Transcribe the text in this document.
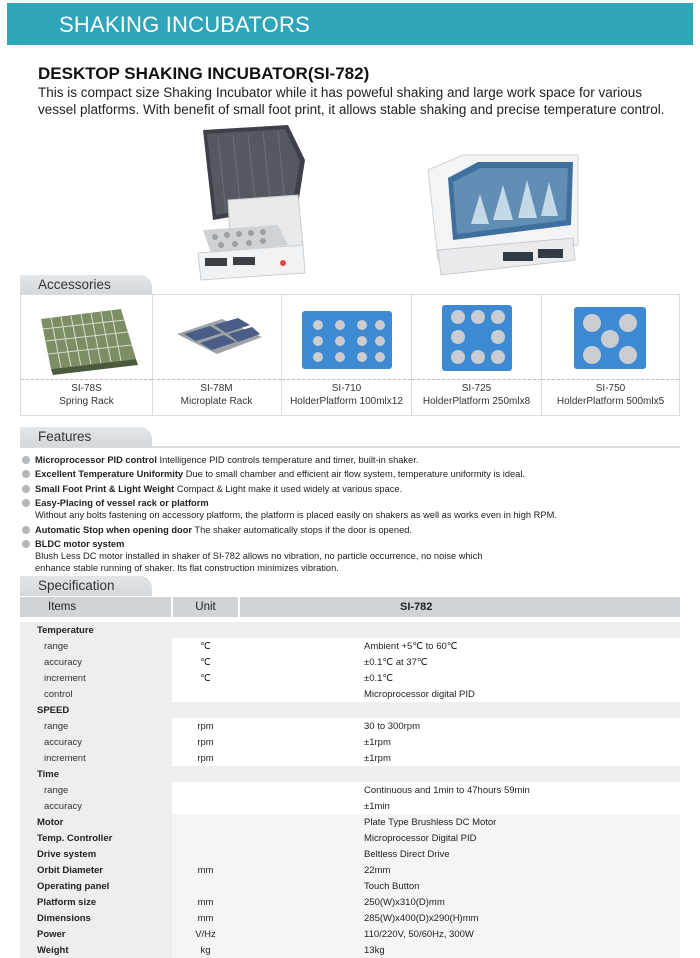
SHAKING INCUBATORS
DESKTOP SHAKING INCUBATOR(SI-782)
This is compact size Shaking Incubator while it has poweful shaking and large work space for various vessel platforms. With benefit of small foot print, it allows stable shaking and precise temperature control.
Accessories
SI-78S
Spring Rack
SI-78M
Microplate Rack
SI-710
HolderPlatform 100mlx12
SI-725
HolderPlatform 250mlx8
SI-750
HolderPlatform 500mlx5
Features
Microprocessor PID control Intelligence PID controls temperature and timer, built-in shaker.
Excellent Temperature Uniformity Due to small chamber and efficient air flow system, temperature uniformity is ideal.
Small Foot Print & Light Weight Compact & Light make it used widely at various space.
Easy-Placing of vessel rack or platform
Without any bolts fastening on accessory platform, the platform is placed easily on shakers as well as works even in high RPM.
Automatic Stop when opening door The shaker automatically stops if the door is opened.
BLDC motor system
Blush Less DC motor installed in shaker of SI-782 allows no vibration, no particle occurrence, no noise which enhance stable running of shaker. Its flat construction minimizes vibration.
Specification
Items	Unit	SI-782

Temperature		
range	℃	Ambient +5℃ to 60℃
accuracy	℃	±0.1℃ at 37℃
increment	℃	±0.1℃
control		Microprocessor digital PID
SPEED		
range	rpm	30 to 300rpm
accuracy	rpm	±1rpm
increment	rpm	±1rpm
Time		
range		Continuous and 1min to 47hours 59min
accuracy		±1min
Motor		Plate Type Brushless DC Motor
Temp. Controller		Microprocessor Digital PID
Drive system		Beltless Direct Drive
Orbit Diameter	mm	22mm
Operating panel		Touch Button
Platform size	mm	250(W)x310(D)mm
Dimensions	mm	285(W)x400(D)x290(H)mm
Power	V/Hz	110/220V, 50/60Hz, 300W
Weight	kg	13kg
